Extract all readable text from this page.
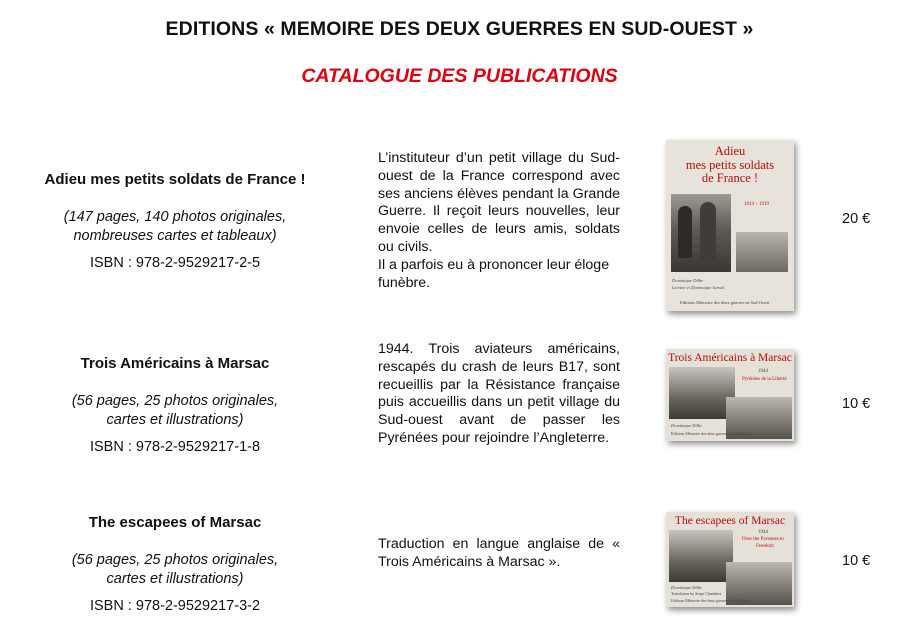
EDITIONS « MEMOIRE DES DEUX GUERRES EN SUD-OUEST »
CATALOGUE DES PUBLICATIONS
Adieu mes petits soldats de France !
(147 pages, 140 photos originales,
nombreuses cartes et tableaux)
ISBN : 978-2-9529217-2-5

L’instituteur d’un petit village du Sud-ouest de la France correspond avec ses anciens élèves pendant la Grande Guerre. Il reçoit leurs nouvelles, leur envoie celles de leurs amis, soldats ou civils.

Il a parfois eu à prononcer leur éloge funèbre.

Adieu
mes petits soldats
de France !
1914 – 1919
Dominique Dilhe
Lecture et Dominique Jarnal
Editions Mémoire des deux guerres en Sud-Ouest
20 €
Trois Américains à Marsac
(56 pages, 25 photos originales,
cartes et illustrations)
ISBN : 978-2-9529217-1-8

1944. Trois aviateurs américains, rescapés du crash de leurs B17, sont recueillis par la Résistance française puis accueillis dans un petit village du Sud-ouest avant de passer les Pyrénées pour rejoindre l’Angleterre.

Trois Américains à Marsac
1944
Pyrénées de la Liberté
Dominique Dilhe
Editions Mémoire des deux guerres en Sud-Ouest
10 €
The escapees of Marsac
(56 pages, 25 photos originales,
cartes et illustrations)
ISBN : 978-2-9529217-3-2

Traduction en langue anglaise de « Trois Américains à Marsac ».

The escapees of Marsac
1944
Over the Pyrenees to
Freedom
Dominique Dilhe
Translation by Serge Chambers
Editions Mémoire des deux guerres en Sud-Ouest
10 €
